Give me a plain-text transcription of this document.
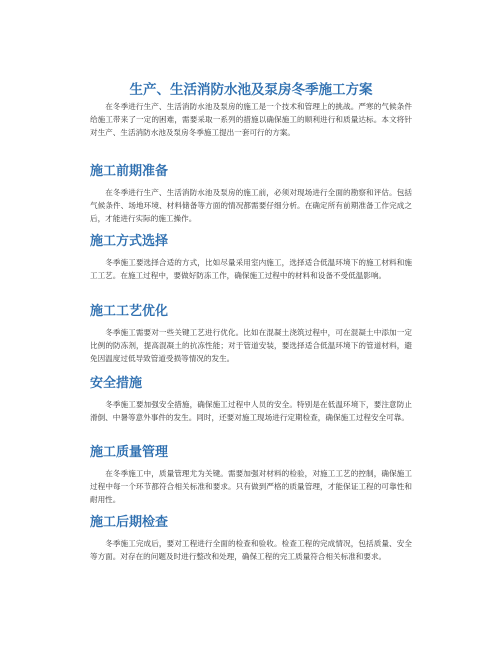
生产、生活消防水池及泵房冬季施工方案

在冬季进行生产、生活消防水池及泵房的施工是一个技术和管理上的挑战。严寒的气候条件给施工带来了一定的困难，需要采取一系列的措施以确保施工的顺利进行和质量达标。本文将针对生产、生活消防水池及泵房冬季施工提出一套可行的方案。

施工前期准备

在冬季进行生产、生活消防水池及泵房的施工前，必须对现场进行全面的勘察和评估。包括气候条件、场地环境、材料储备等方面的情况都需要仔细分析。在确定所有前期准备工作完成之后，才能进行实际的施工操作。

施工方式选择

冬季施工要选择合适的方式，比如尽量采用室内施工，选择适合低温环境下的施工材料和施工工艺。在施工过程中，要做好防冻工作，确保施工过程中的材料和设备不受低温影响。

施工工艺优化

冬季施工需要对一些关键工艺进行优化。比如在混凝土浇筑过程中，可在混凝土中添加一定比例的防冻剂，提高混凝土的抗冻性能；对于管道安装，要选择适合低温环境下的管道材料，避免因温度过低导致管道受损等情况的发生。

安全措施

冬季施工要加强安全措施，确保施工过程中人员的安全。特别是在低温环境下，要注意防止滑倒、中暑等意外事件的发生。同时，还要对施工现场进行定期检查，确保施工过程安全可靠。

施工质量管理

在冬季施工中，质量管理尤为关键。需要加强对材料的检验，对施工工艺的控制，确保施工过程中每一个环节都符合相关标准和要求。只有做到严格的质量管理，才能保证工程的可靠性和耐用性。

施工后期检查

冬季施工完成后，要对工程进行全面的检查和验收。检查工程的完成情况，包括质量、安全等方面。对存在的问题及时进行整改和处理，确保工程的完工质量符合相关标准和要求。
